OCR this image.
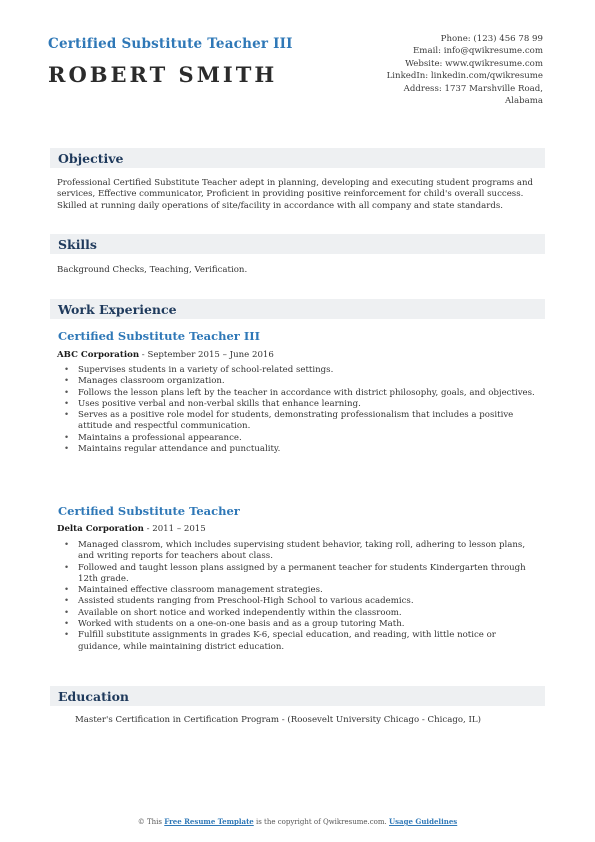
Certified Substitute Teacher III
ROBERT SMITH
Phone: (123) 456 78 99
Email: info@qwikresume.com
Website: www.qwikresume.com
LinkedIn: linkedin.com/qwikresume
Address: 1737 Marshville Road,
Alabama
Objective
Professional Certified Substitute Teacher adept in planning, developing and executing student programs and services, Effective communicator, Proficient in providing positive reinforcement for child's overall success. Skilled at running daily operations of site/facility in accordance with all company and state standards.
Skills
Background Checks, Teaching, Verification.
Work Experience
Certified Substitute Teacher III
ABC Corporation - September 2015 – June 2016
• Supervises students in a variety of school-related settings.
• Manages classroom organization.
• Follows the lesson plans left by the teacher in accordance with district philosophy, goals, and objectives.
• Uses positive verbal and non-verbal skills that enhance learning.
• Serves as a positive role model for students, demonstrating professionalism that includes a positive attitude and respectful communication.
• Maintains a professional appearance.
• Maintains regular attendance and punctuality.
Certified Substitute Teacher
Delta Corporation - 2011 – 2015
• Managed classrom, which includes supervising student behavior, taking roll, adhering to lesson plans, and writing reports for teachers about class.
• Followed and taught lesson plans assigned by a permanent teacher for students Kindergarten through 12th grade.
• Maintained effective classroom management strategies.
• Assisted students ranging from Preschool-High School to various academics.
• Available on short notice and worked independently within the classroom.
• Worked with students on a one-on-one basis and as a group tutoring Math.
• Fulfill substitute assignments in grades K-6, special education, and reading, with little notice or guidance, while maintaining district education.
Education
Master's Certification in Certification Program - (Roosevelt University Chicago - Chicago, IL)
© This Free Resume Template is the copyright of Qwikresume.com. Usage Guidelines
